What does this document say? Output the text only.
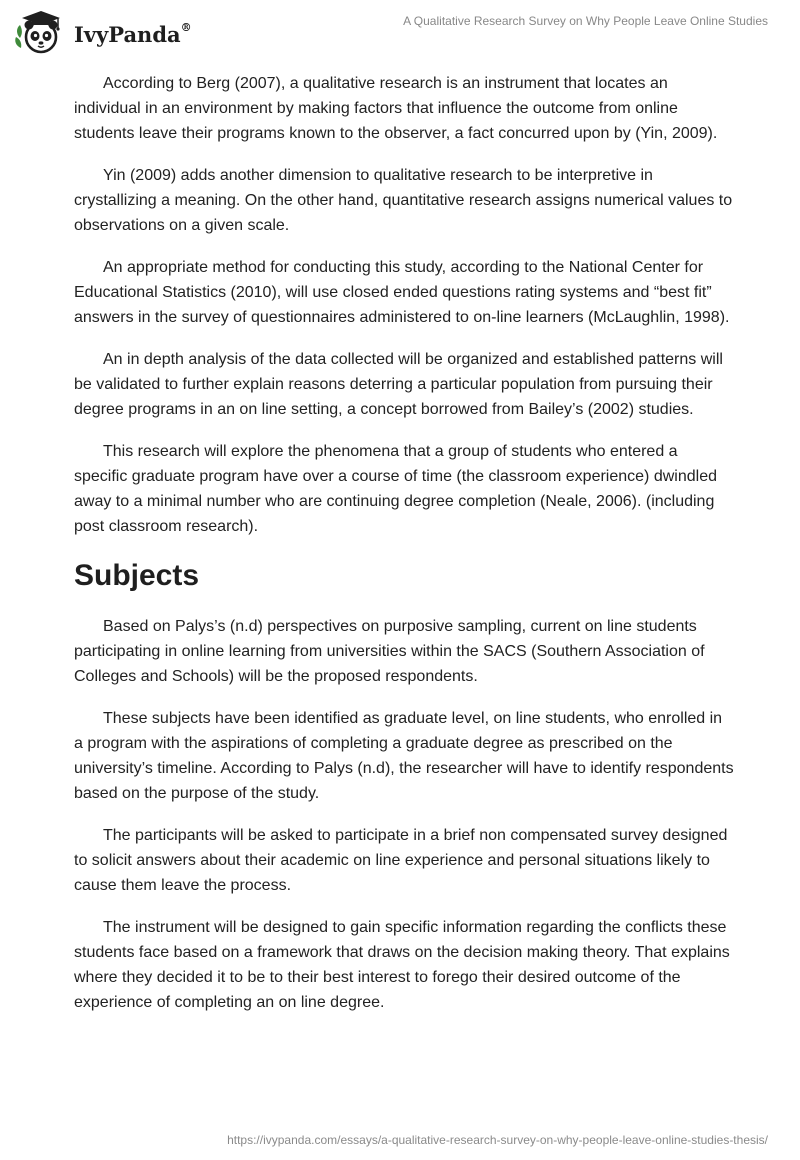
IvyPanda®	A Qualitative Research Survey on Why People Leave Online Studies

According to Berg (2007), a qualitative research is an instrument that locates an individual in an environment by making factors that influence the outcome from online students leave their programs known to the observer, a fact concurred upon by (Yin, 2009).

Yin (2009) adds another dimension to qualitative research to be interpretive in crystallizing a meaning. On the other hand, quantitative research assigns numerical values to observations on a given scale.

An appropriate method for conducting this study, according to the National Center for Educational Statistics (2010), will use closed ended questions rating systems and “best fit” answers in the survey of questionnaires administered to on-line learners (McLaughlin, 1998).

An in depth analysis of the data collected will be organized and established patterns will be validated to further explain reasons deterring a particular population from pursuing their degree programs in an on line setting, a concept borrowed from Bailey’s (2002) studies.

This research will explore the phenomena that a group of students who entered a specific graduate program have over a course of time (the classroom experience) dwindled away to a minimal number who are continuing degree completion (Neale, 2006). (including post classroom research).

Subjects

Based on Palys’s (n.d) perspectives on purposive sampling, current on line students participating in online learning from universities within the SACS (Southern Association of Colleges and Schools) will be the proposed respondents.

These subjects have been identified as graduate level, on line students, who enrolled in a program with the aspirations of completing a graduate degree as prescribed on the university’s timeline. According to Palys (n.d), the researcher will have to identify respondents based on the purpose of the study.

The participants will be asked to participate in a brief non compensated survey designed to solicit answers about their academic on line experience and personal situations likely to cause them leave the process.

The instrument will be designed to gain specific information regarding the conflicts these students face based on a framework that draws on the decision making theory. That explains where they decided it to be to their best interest to forego their desired outcome of the experience of completing an on line degree.

https://ivypanda.com/essays/a-qualitative-research-survey-on-why-people-leave-online-studies-thesis/
